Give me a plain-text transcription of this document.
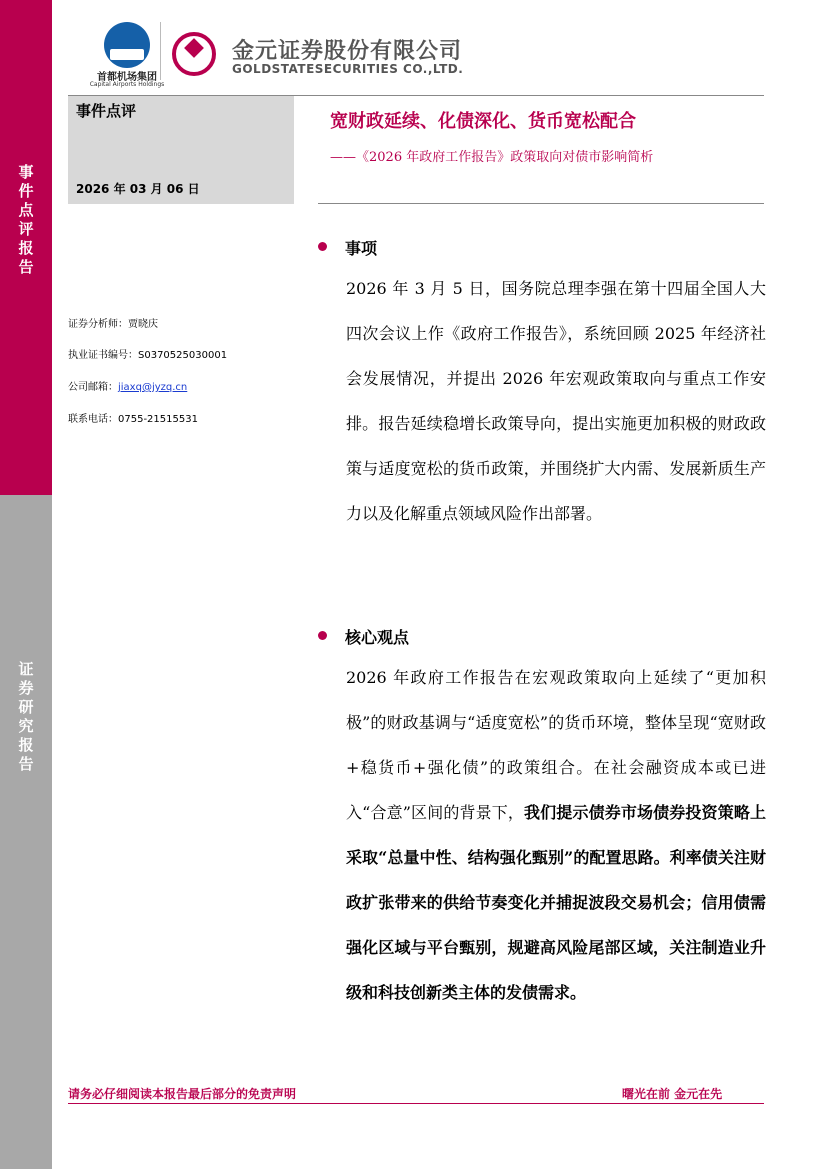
事件点评报告
证券研究报告
首都机场集团
Capital Airports Holdings
金元证券股份有限公司
GOLDSTATESECURITIES CO.,LTD.
事件点评
2026 年 03 月 06 日
宽财政延续、化债深化、货币宽松配合
——《2026 年政府工作报告》政策取向对债市影响简析
证券分析师：贾晓庆
执业证书编号：S0370525030001
公司邮箱：jiaxq@jyzq.cn
联系电话：0755-21515531
事项
2026 年 3 月 5 日，国务院总理李强在第十四届全国人大四次会议上作《政府工作报告》，系统回顾 2025 年经济社会发展情况，并提出 2026 年宏观政策取向与重点工作安排。报告延续稳增长政策导向，提出实施更加积极的财政政策与适度宽松的货币政策，并围绕扩大内需、发展新质生产力以及化解重点领域风险作出部署。
核心观点
2026 年政府工作报告在宏观政策取向上延续了“更加积极”的财政基调与“适度宽松”的货币环境，整体呈现“宽财政+稳货币+强化债”的政策组合。在社会融资成本或已进入“合意”区间的背景下，我们提示债券市场债券投资策略上采取“总量中性、结构强化甄别”的配置思路。利率债关注财政扩张带来的供给节奏变化并捕捉波段交易机会；信用债需强化区域与平台甄别，规避高风险尾部区域，关注制造业升级和科技创新类主体的发债需求。
请务必仔细阅读本报告最后部分的免责声明	曙光在前 金元在先
